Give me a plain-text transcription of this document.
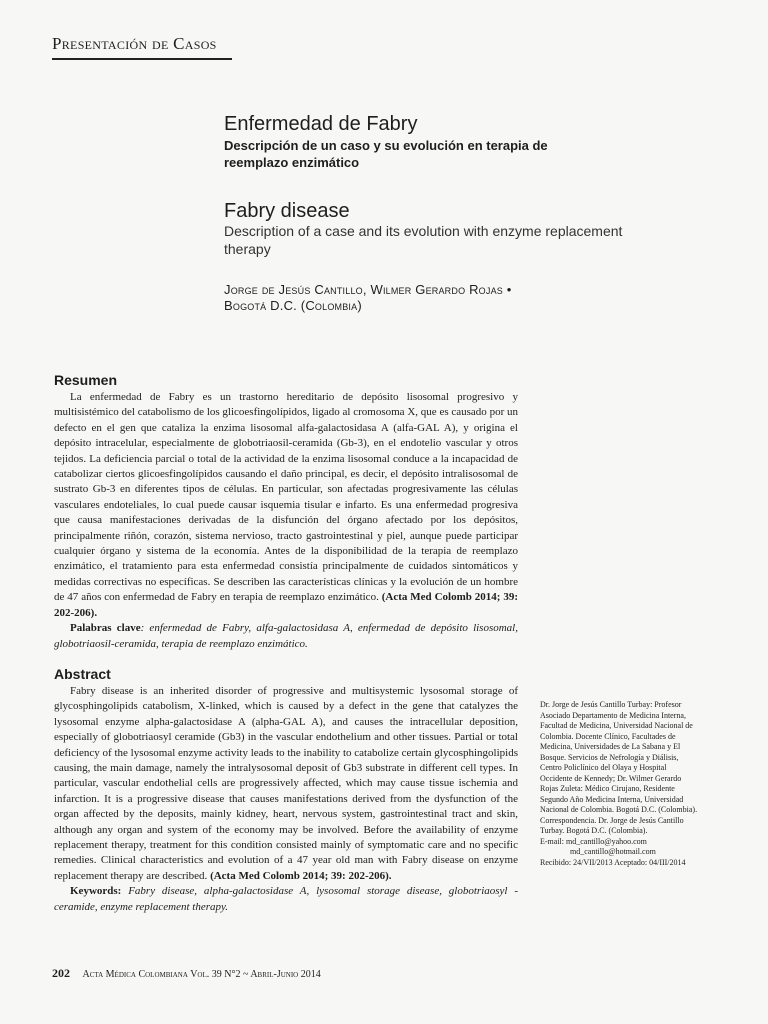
Presentación de Casos
Enfermedad de Fabry
Descripción de un caso y su evolución en terapia de reemplazo enzimático
Fabry disease
Description of a case and its evolution with enzyme replacement therapy
Jorge de Jesús Cantillo, Wilmer Gerardo Rojas •
Bogotá D.C. (Colombia)
Resumen

La enfermedad de Fabry es un trastorno hereditario de depósito lisosomal progresivo y multisistémico del catabolismo de los glicoesfingolípidos, ligado al cromosoma X, que es causado por un defecto en el gen que cataliza la enzima lisosomal alfa-galactosidasa A (alfa-GAL A), y origina el depósito intracelular, especialmente de globotriaosil-ceramida (Gb-3), en el endotelio vascular y otros tejidos. La deficiencia parcial o total de la actividad de la enzima lisosomal conduce a la incapacidad de catabolizar ciertos glicoesfingolípidos causando el daño principal, es decir, el depósito intralisosomal de sustrato Gb-3 en diferentes tipos de células. En particular, son afectadas progresivamente las células vasculares endoteliales, lo cual puede causar isquemia tisular e infarto. Es una enfermedad progresiva que causa manifestaciones derivadas de la disfunción del órgano afectado por los depósitos, principalmente riñón, corazón, sistema nervioso, tracto gastrointestinal y piel, aunque puede participar cualquier órgano y sistema de la economía. Antes de la disponibilidad de la terapia de reemplazo enzimático, el tratamiento para esta enfermedad consistía principalmente de cuidados sintomáticos y medidas correctivas no específicas. Se describen las características clínicas y la evolución de un hombre de 47 años con enfermedad de Fabry en terapia de reemplazo enzimático. (Acta Med Colomb 2014; 39: 202-206).

Palabras clave: enfermedad de Fabry, alfa-galactosidasa A, enfermedad de depósito lisosomal, globotriaosil-ceramida, terapia de reemplazo enzimático.

Abstract

Fabry disease is an inherited disorder of progressive and multisystemic lysosomal storage of glycosphingolipids catabolism, X-linked, which is caused by a defect in the gene that catalyzes the lysosomal enzyme alpha-galactosidase A (alpha-GAL A), and causes the intracellular deposition, especially of globotriaosyl ceramide (Gb3) in the vascular endothelium and other tissues. Partial or total deficiency of the lysosomal enzyme activity leads to the inability to catabolize certain glycosphingolipids causing, the main damage, namely the intralysosomal deposit of Gb3 substrate in different cell types. In particular, vascular endothelial cells are progressively affected, which may cause tissue ischemia and infarction. It is a progressive disease that causes manifestations derived from the dysfunction of the organ affected by the deposits, mainly kidney, heart, nervous system, gastrointestinal tract and skin, although any organ and system of the economy may be involved. Before the availability of enzyme replacement therapy, treatment for this condition consisted mainly of symptomatic care and no specific remedies. Clinical characteristics and evolution of a 47 year old man with Fabry disease on enzyme replacement therapy are described. (Acta Med Colomb 2014; 39: 202-206).

Keywords: Fabry disease, alpha-galactosidase A, lysosomal storage disease, globotriaosyl - ceramide, enzyme replacement therapy.

Dr. Jorge de Jesús Cantillo Turbay: Profesor Asociado Departamento de Medicina Interna, Facultad de Medicina, Universidad Nacional de Colombia. Docente Clínico, Facultades de Medicina, Universidades de La Sabana y El Bosque. Servicios de Nefrología y Diálisis, Centro Policlínico del Olaya y Hospital Occidente de Kennedy; Dr. Wilmer Gerardo Rojas Zuleta: Médico Cirujano, Residente Segundo Año Medicina Interna, Universidad Nacional de Colombia. Bogotá D.C. (Colombia).

Correspondencia. Dr. Jorge de Jesús Cantillo Turbay. Bogotá D.C. (Colombia).

E-mail: md_cantillo@yahoo.com

md_cantillo@hotmail.com

Recibido: 24/VII/2013 Aceptado: 04/III/2014

202 Acta Médica Colombiana Vol. 39 N°2 ~ Abril-Junio 2014
